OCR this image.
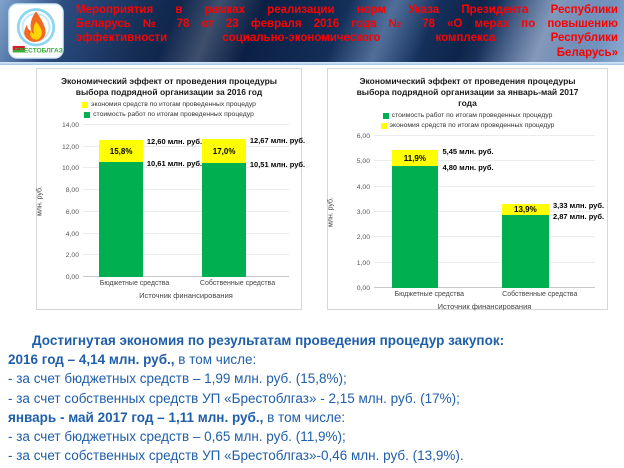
БРЕСТОБЛГАЗ
Мероприятия в рамках реализации норм Указа Президента Республики
Беларусь № 78 от 23 февраля 2016 года № 78 «О мерах по повышению
эффективности социально-экономического комплекса Республики
Беларусь»
Экономический эффект от проведения процедуры выбора подрядной организации за 2016 год
экономия средств по итогам проведенных процедур
стоимость работ по итогам проведенных процедур
млн. руб.
0,00
2,00
4,00
6,00
8,00
10,00
12,00
14,00
15,8%
12,60 млн. руб.
10,61 млн. руб.
17,0%
12,67 млн. руб.
10,51 млн. руб.
Бюджетные средства	Собственные средства
Источник финансирования
Экономический эффект от проведения процедуры выбора подрядной организации за январь-май 2017 года
стоимость работ по итогам проведенных процедур
экономия средств по итогам проведенных процедур
млн. руб.
0,00
1,00
2,00
3,00
4,00
5,00
6,00
11,9%
5,45 млн. руб.
4,80 млн. руб.
13,9% 3,33 млн. руб.
2,87 млн. руб.
Бюджетные средства	Собственные средства
Источник финансирования
Достигнутая экономия по результатам проведения процедур закупок:
2016 год – 4,14 млн. руб., в том числе:
- за счет бюджетных средств – 1,99 млн. руб. (15,8%);
- за счет собственных средств УП «Брестоблгаз» - 2,15 млн. руб. (17%);
январь - май 2017 год – 1,11 млн. руб., в том числе:
- за счет бюджетных средств – 0,65 млн. руб. (11,9%);
- за счет собственных средств УП «Брестоблгаз»-0,46 млн. руб. (13,9%).
